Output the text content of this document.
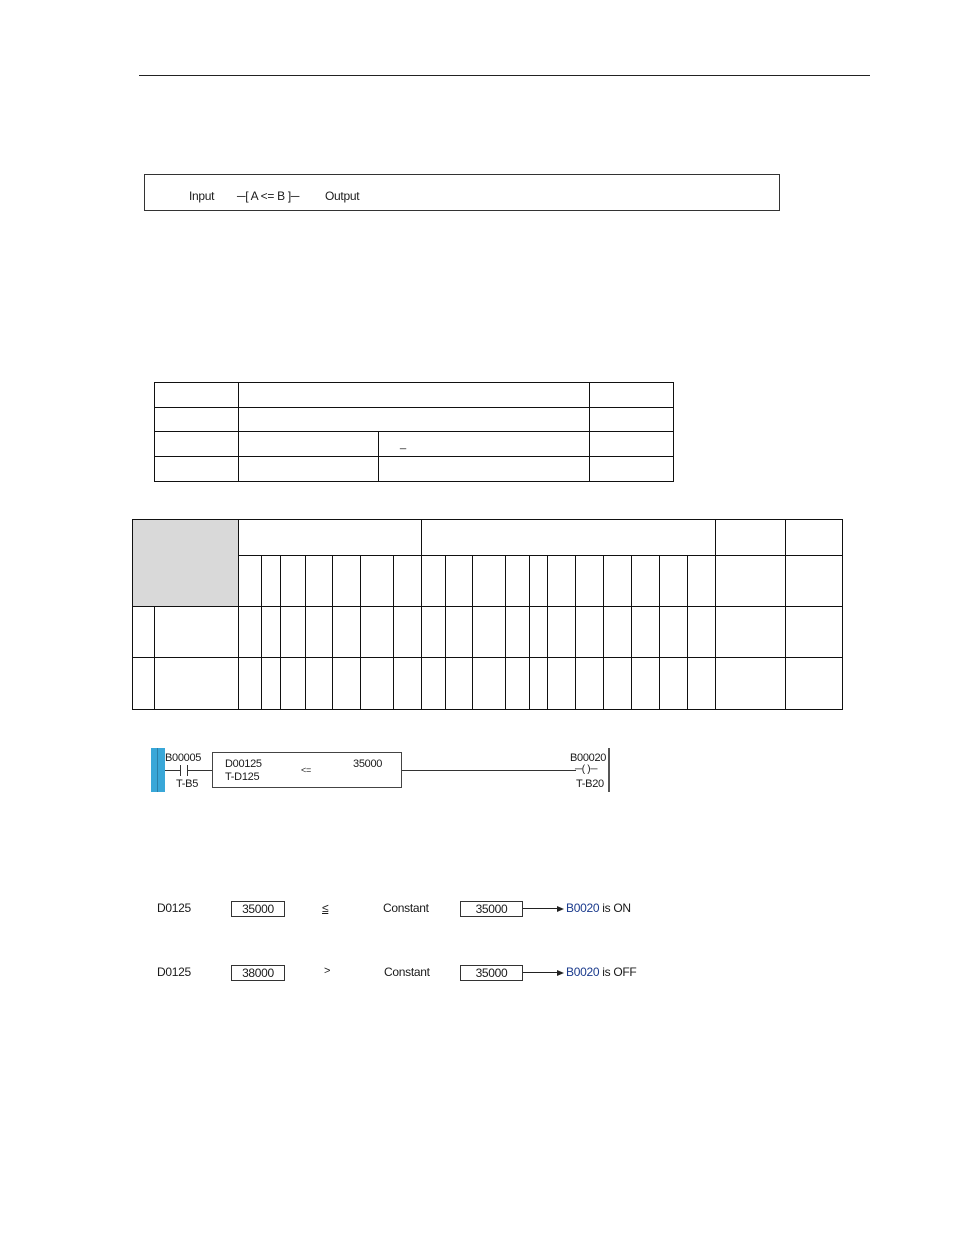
Input ─[ A <= B ]─ Output
_
B00005
T-B5
D00125
T-D125
<=	35000	B00020
─( )─
T-B20
D0125	35000	≤	Constant	35000	B0020 is ON
D0125	38000	>	Constant	35000	B0020 is OFF
